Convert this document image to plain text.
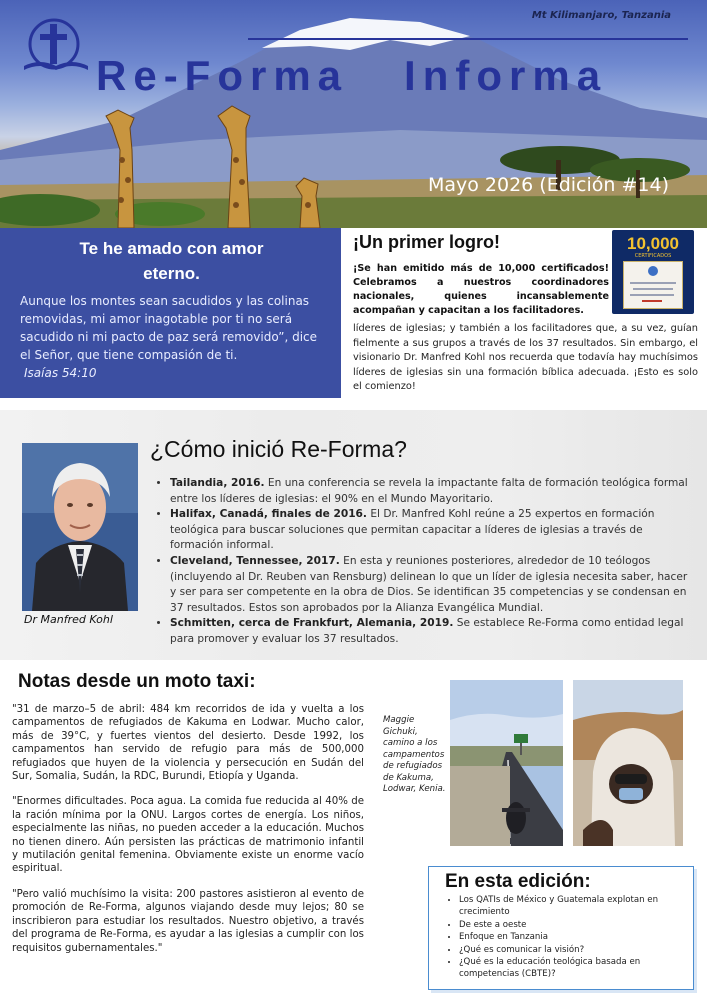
Mt Kilimanjaro, Tanzania
Re-Forma   Informa
Mayo 2026 (Edición #14)
Te he amado con amor eterno.
Aunque los montes sean sacudidos y las colinas removidas, mi amor inagotable por ti no será sacudido ni mi pacto de paz será removido”, dice el Señor, que tiene compasión de ti.
Isaías 54:10
¡Un primer logro!
¡Se han emitido más de 10,000 certificados! Celebramos a nuestros coordinadores nacionales, quienes incansablemente acompañan y capacitan a los facilitadores.
líderes de iglesias; y también a los facilitadores que, a su vez, guían fielmente a sus grupos a través de los 37 resultados. Sin embargo, el visionario Dr. Manfred Kohl nos recuerda que todavía hay muchísimos líderes de iglesias sin una formación bíblica adecuada. ¡Esto es solo el comienzo!
10,000
CERTIFICADOS
Dr Manfred Kohl
¿Cómo inició Re-Forma?
• Tailandia, 2016. En una conferencia se revela la impactante falta de formación teológica formal entre los líderes de iglesias: el 90% en el Mundo Mayoritario.
• Halifax, Canadá, finales de 2016. El Dr. Manfred Kohl reúne a 25 expertos en formación teológica para buscar soluciones que permitan capacitar a líderes de iglesias a través de formación informal.
• Cleveland, Tennessee, 2017. En esta y reuniones posteriores, alrededor de 10 teólogos (incluyendo al Dr. Reuben van Rensburg) delinean lo que un líder de iglesia necesita saber, hacer y ser para ser competente en la obra de Dios. Se identifican 35 competencias y se condensan en 37 resultados. Estos son aprobados por la Alianza Evangélica Mundial.
• Schmitten, cerca de Frankfurt, Alemania, 2019. Se establece Re-Forma como entidad legal para promover y evaluar los 37 resultados.
Notas desde un moto taxi:

"31 de marzo–5 de abril: 484 km recorridos de ida y vuelta a los campamentos de refugiados de Kakuma en Lodwar. Mucho calor, más de 39°C, y fuertes vientos del desierto. Desde 1992, los campamentos han servido de refugio para más de 500,000 refugiados que huyen de la violencia y persecución en Sudán del Sur, Somalia, Sudán, la RDC, Burundi, Etiopía y Uganda.

"Enormes dificultades. Poca agua. La comida fue reducida al 40% de la ración mínima por la ONU. Largos cortes de energía. Los niños, especialmente las niñas, no pueden acceder a la educación. Muchos no tienen dinero. Aún persisten las prácticas de matrimonio infantil y mutilación genital femenina. Obviamente existe un enorme vacío espiritual.

"Pero valió muchísimo la visita: 200 pastores asistieron al evento de promoción de Re-Forma, algunos viajando desde muy lejos; 80 se inscribieron para estudiar los resultados. Nuestro objetivo, a través del programa de Re-Forma, es ayudar a las iglesias a cumplir con los requisitos gubernamentales."

Maggie Gichuki, camino a los campamentos de refugiados de Kakuma, Lodwar, Kenia.
En esta edición:
• Los QATIs de México y Guatemala explotan en crecimiento
• De este a oeste
• Enfoque en Tanzania
• ¿Qué es comunicar la visión?
• ¿Qué es la educación teológica basada en competencias (CBTE)?
